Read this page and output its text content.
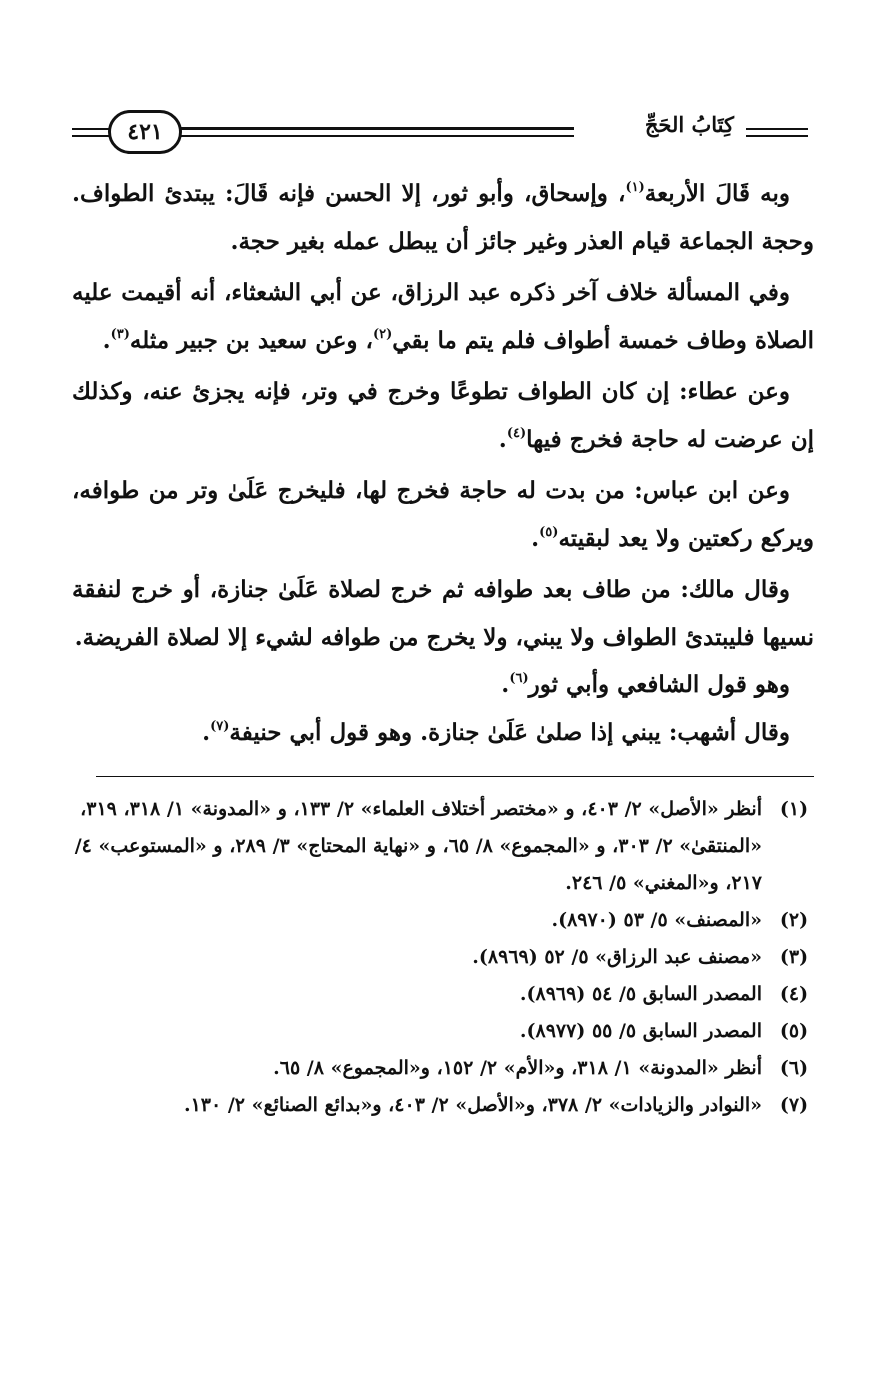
كِتَابُ الحَجِّ
٤٢١

وبه قَالَ الأربعة$^{(١)}$، وإسحاق، وأبو ثور، إلا الحسن فإنه قَالَ: يبتدئ الطواف. وحجة الجماعة قيام العذر وغير جائز أن يبطل عمله بغير حجة.

وفي المسألة خلاف آخر ذكره عبد الرزاق، عن أبي الشعثاء، أنه أقيمت عليه الصلاة وطاف خمسة أطواف فلم يتم ما بقي$^{(٢)}$، وعن سعيد بن جبير مثله$^{(٣)}$.

وعن عطاء: إن كان الطواف تطوعًا وخرج في وتر، فإنه يجزئ عنه، وكذلك إن عرضت له حاجة فخرج فيها$^{(٤)}$.

وعن ابن عباس: من بدت له حاجة فخرج لها، فليخرج عَلَىٰ وتر من طوافه، ويركع ركعتين ولا يعد لبقيته$^{(٥)}$.

وقال مالك: من طاف بعد طوافه ثم خرج لصلاة عَلَىٰ جنازة، أو خرج لنفقة نسيها فليبتدئ الطواف ولا يبني، ولا يخرج من طوافه لشيء إلا لصلاة الفريضة.

وهو قول الشافعي وأبي ثور$^{(٦)}$.

وقال أشهب: يبني إذا صلىٰ عَلَىٰ جنازة. وهو قول أبي حنيفة$^{(٧)}$.

(١)
أنظر «الأصل» ٢/ ٤٠٣، و «مختصر أختلاف العلماء» ٢/ ١٣٣، و «المدونة» ١/ ٣١٨، ٣١٩، «المنتقىٰ» ٢/ ٣٠٣، و «المجموع» ٨/ ٦٥، و «نهاية المحتاج» ٣/ ٢٨٩، و «المستوعب» ٤/ ٢١٧، و«المغني» ٥/ ٢٤٦.
(٢)
«المصنف» ٥/ ٥٣ (٨٩٧٠).
(٣)
«مصنف عبد الرزاق» ٥/ ٥٢ (٨٩٦٩).
(٤)
المصدر السابق ٥/ ٥٤ (٨٩٦٩).
(٥)
المصدر السابق ٥/ ٥٥ (٨٩٧٧).
(٦)
أنظر «المدونة» ١/ ٣١٨، و«الأم» ٢/ ١٥٢، و«المجموع» ٨/ ٦٥.
(٧)
«النوادر والزيادات» ٢/ ٣٧٨، و«الأصل» ٢/ ٤٠٣، و«بدائع الصنائع» ٢/ ١٣٠.
